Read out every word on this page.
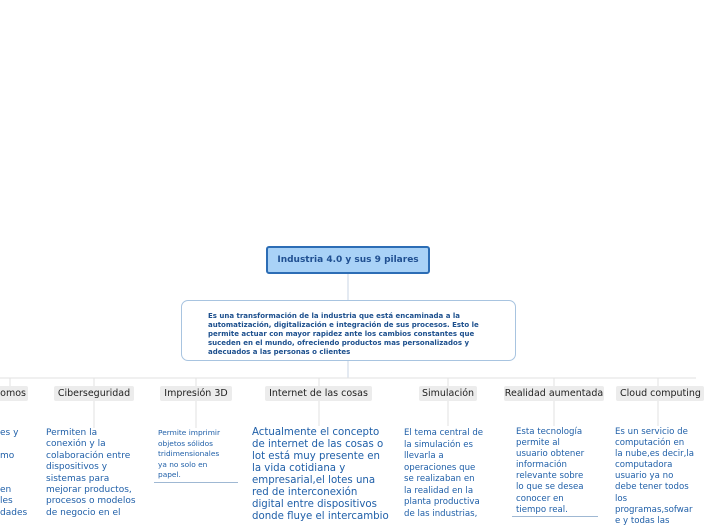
Industria 4.0 y sus 9 pilares
Es una transformación de la industria que está encaminada a la automatización, digitalización e integración de sus procesos. Esto le permite actuar con mayor rapidez ante los cambios constantes que suceden en el mundo, ofreciendo productos mas personalizados y adecuados a las personas o clientes
omos
es y

mo

en
les
dades
Ciberseguridad
Permiten la
conexión y la
colaboración entre
dispositivos y
sistemas para
mejorar productos,
procesos o modelos
de negocio en el
Impresión 3D
Permite imprimir
objetos sólidos
tridimensionales
ya no solo en
papel.
Internet de las cosas
Actualmente el concepto
de internet de las cosas o
lot está muy presente en
la vida cotidiana y
empresarial,el lotes una
red de interconexión
digital entre dispositivos
donde fluye el intercambio
Simulación
El tema central de
la simulación es
llevarla a
operaciones que
se realizaban en
la realidad en la
planta productiva
de las industrias,
Realidad aumentada
Esta tecnología
permite al
usuario obtener
información
relevante sobre
lo que se desea
conocer en
tiempo real.
Cloud computing
Es un servicio de
computación en
la nube,es decir,la
computadora
usuario ya no
debe tener todos
los
programas,sofwar
e y todas las
